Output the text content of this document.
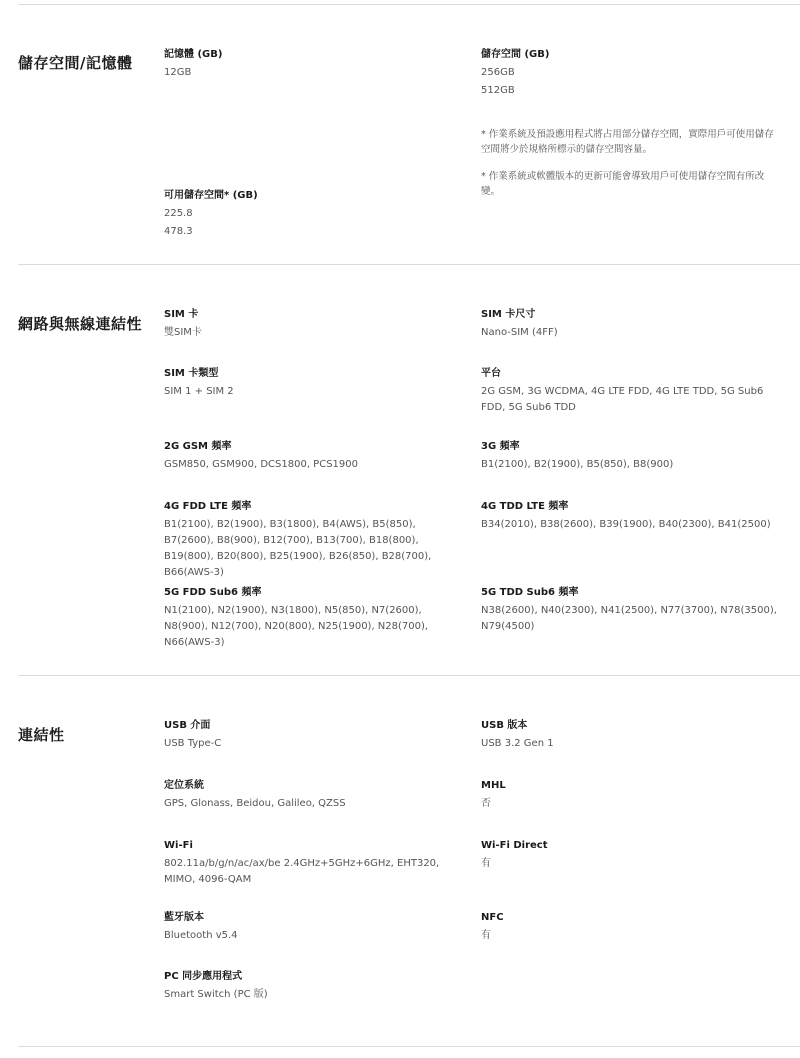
儲存空間/記憶體	記憶體 (GB)
12GB
儲存空間 (GB)
256GB
512GB
* 作業系統及預設應用程式將占用部分儲存空間，實際用戶可使用儲存空間將少於規格所標示的儲存空間容量。
* 作業系統或軟體版本的更新可能會導致用戶可使用儲存空間有所改變。
可用儲存空間* (GB)
225.8
478.3
網路與無線連結性
SIM 卡
雙SIM卡
SIM 卡尺寸
Nano-SIM (4FF)
SIM 卡類型
SIM 1 + SIM 2
平台
2G GSM, 3G WCDMA, 4G LTE FDD, 4G LTE TDD, 5G Sub6 FDD, 5G Sub6 TDD
2G GSM 頻率
GSM850, GSM900, DCS1800, PCS1900
3G 頻率
B1(2100), B2(1900), B5(850), B8(900)
4G FDD LTE 頻率
B1(2100), B2(1900), B3(1800), B4(AWS), B5(850), B7(2600), B8(900), B12(700), B13(700), B18(800), B19(800), B20(800), B25(1900), B26(850), B28(700), B66(AWS-3)
4G TDD LTE 頻率
B34(2010), B38(2600), B39(1900), B40(2300), B41(2500)
5G FDD Sub6 頻率
N1(2100), N2(1900), N3(1800), N5(850), N7(2600), N8(900), N12(700), N20(800), N25(1900), N28(700), N66(AWS-3)
5G TDD Sub6 頻率
N38(2600), N40(2300), N41(2500), N77(3700), N78(3500), N79(4500)
連結性
USB 介面
USB Type-C
USB 版本
USB 3.2 Gen 1
定位系統
GPS, Glonass, Beidou, Galileo, QZSS
MHL
否
Wi-Fi
802.11a/b/g/n/ac/ax/be 2.4GHz+5GHz+6GHz, EHT320, MIMO, 4096-QAM
Wi-Fi Direct
有
藍牙版本
Bluetooth v5.4
NFC
有
PC 同步應用程式
Smart Switch (PC 版)
